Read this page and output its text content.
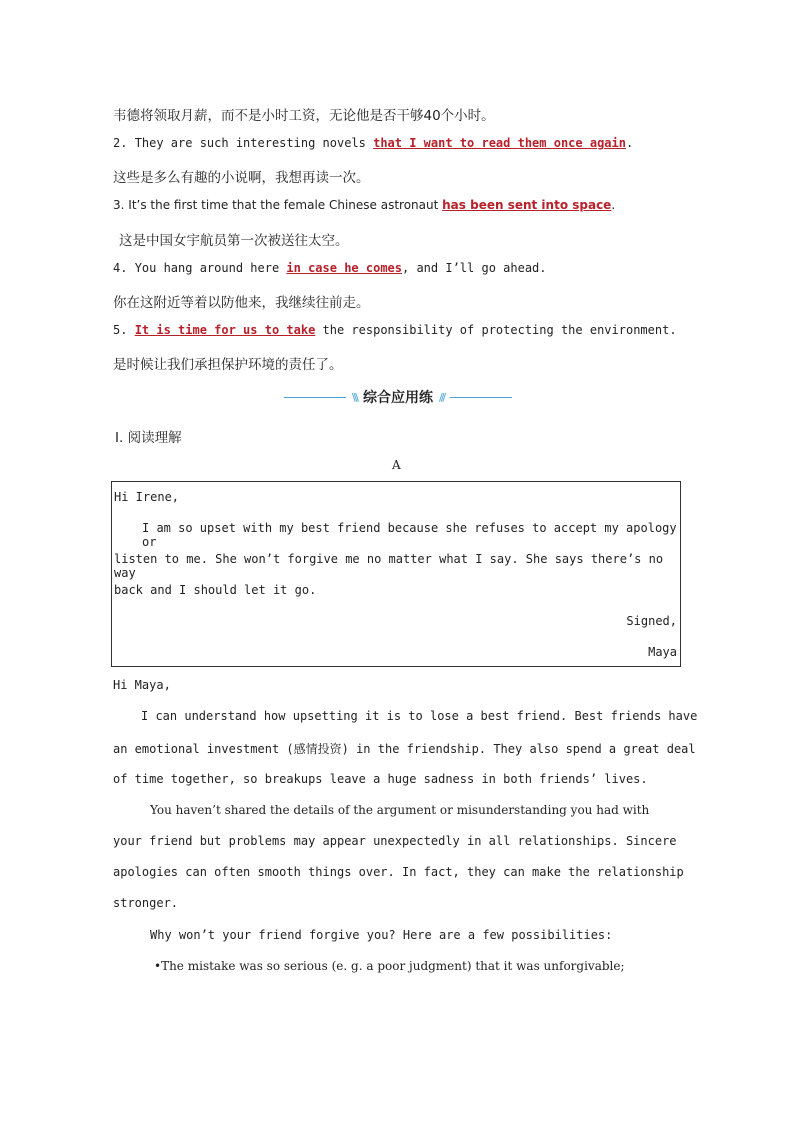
韦德将领取月薪，而不是小时工资，无论他是否干够40个小时。
2. They are such interesting novels that I want to read them once again.
这些是多么有趣的小说啊，我想再读一次。
3. It’s the first time that the female Chinese astronaut has been sent into space.
这是中国女宇航员第一次被送往太空。
4. You hang around here in case he comes, and I’ll go ahead.
你在这附近等着以防他来，我继续往前走。
5. It is time for us to take the responsibility of protecting the environment.
是时候让我们承担保护环境的责任了。
\\\ 综合应用练 ///
Ⅰ. 阅读理解
A
Hi Irene,
I am so upset with my best friend because she refuses to accept my apology or
listen to me. She won’t forgive me no matter what I say. She says there’s no way
back and I should let it go.
Signed,
Maya
Hi Maya,
I can understand how upsetting it is to lose a best friend. Best friends have
an emotional investment (感情投资) in the friendship. They also spend a great deal
of time together, so breakups leave a huge sadness in both friends’ lives.
You haven’t shared the details of the argument or misunderstanding you had with
your friend but problems may appear unexpectedly in all relationships. Sincere
apologies can often smooth things over. In fact, they can make the relationship
stronger.
Why won’t your friend forgive you? Here are a few possibilities:
•The mistake was so serious (e. g. a poor judgment) that it was unforgivable;
